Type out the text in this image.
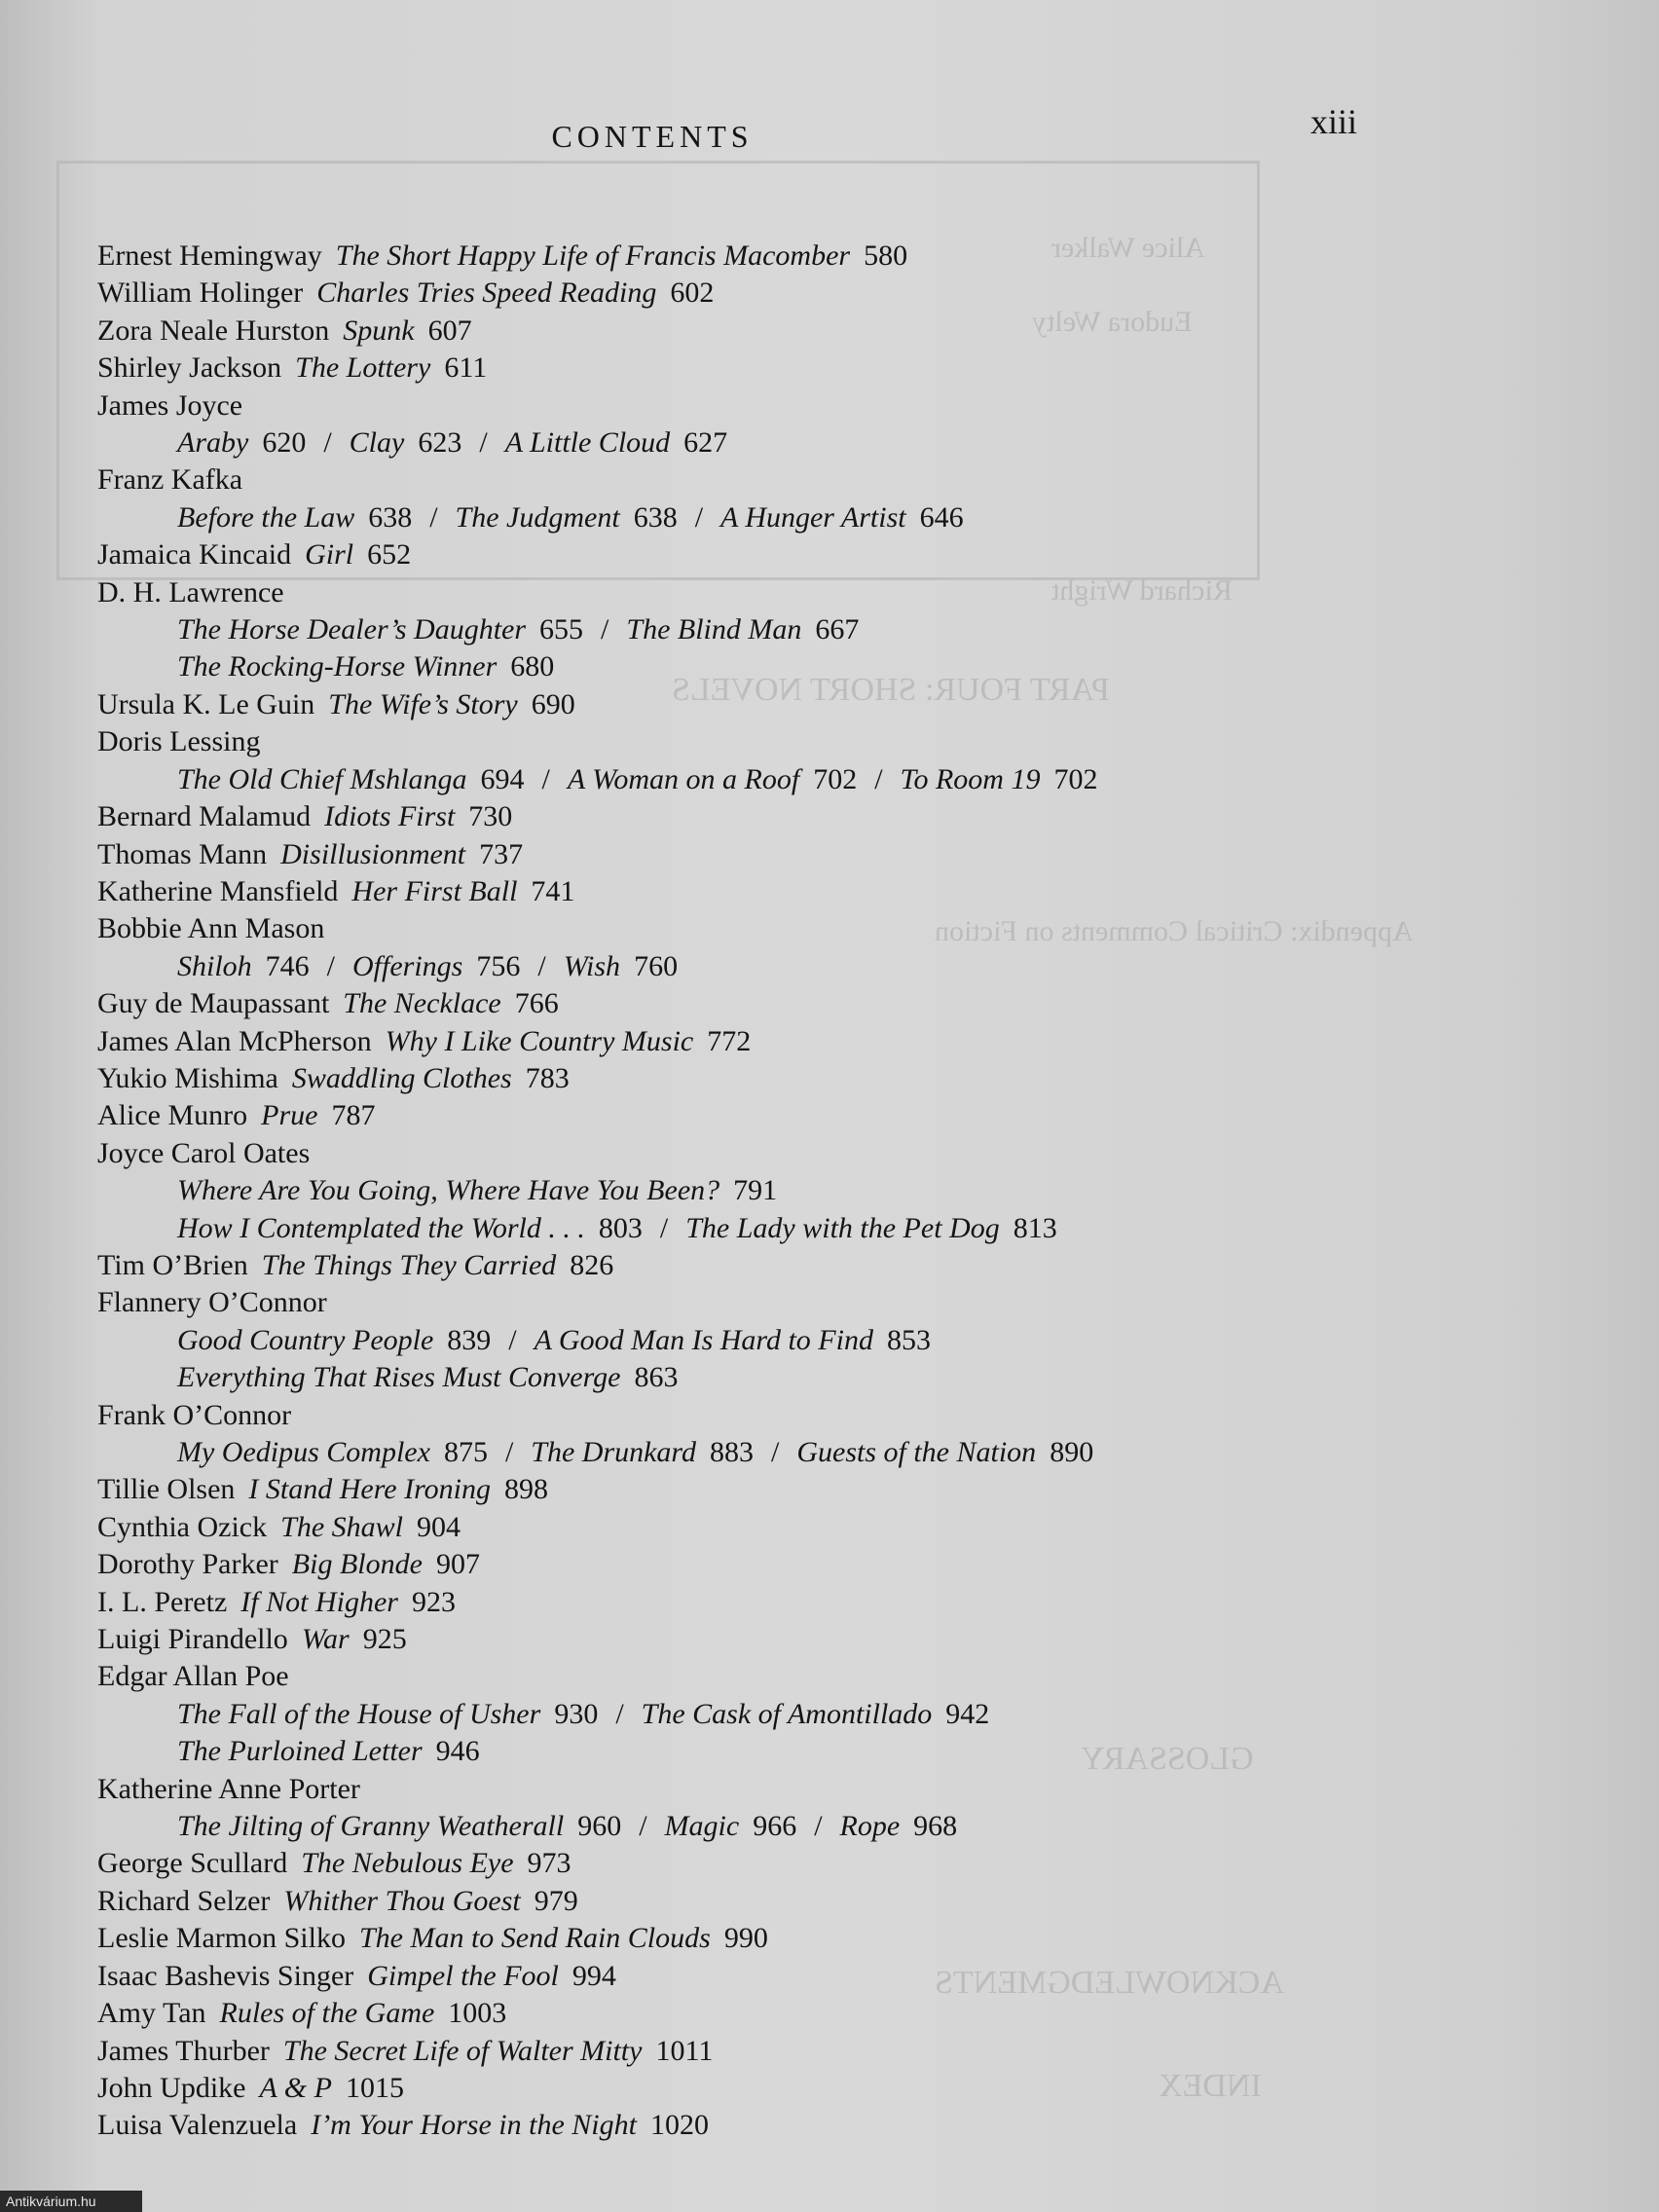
Alice Walker
Eudora Welty
Richard Wright
PART FOUR: SHORT NOVELS
Appendix: Critical Comments on Fiction
GLOSSARY
ACKNOWLEDGMENTS
INDEX
CONTENTS	xiii
Ernest Hemingway The Short Happy Life of Francis Macomber 580
William Holinger Charles Tries Speed Reading 602
Zora Neale Hurston Spunk 607
Shirley Jackson The Lottery 611
James Joyce
Araby 620 / Clay 623 / A Little Cloud 627
Franz Kafka
Before the Law 638 / The Judgment 638 / A Hunger Artist 646
Jamaica Kincaid Girl 652
D. H. Lawrence
The Horse Dealer’s Daughter 655 / The Blind Man 667
The Rocking-Horse Winner 680
Ursula K. Le Guin The Wife’s Story 690
Doris Lessing
The Old Chief Mshlanga 694 / A Woman on a Roof 702 / To Room 19 702
Bernard Malamud Idiots First 730
Thomas Mann Disillusionment 737
Katherine Mansfield Her First Ball 741
Bobbie Ann Mason
Shiloh 746 / Offerings 756 / Wish 760
Guy de Maupassant The Necklace 766
James Alan McPherson Why I Like Country Music 772
Yukio Mishima Swaddling Clothes 783
Alice Munro Prue 787
Joyce Carol Oates
Where Are You Going, Where Have You Been? 791
How I Contemplated the World . . . 803 / The Lady with the Pet Dog 813
Tim O’Brien The Things They Carried 826
Flannery O’Connor
Good Country People 839 / A Good Man Is Hard to Find 853
Everything That Rises Must Converge 863
Frank O’Connor
My Oedipus Complex 875 / The Drunkard 883 / Guests of the Nation 890
Tillie Olsen I Stand Here Ironing 898
Cynthia Ozick The Shawl 904
Dorothy Parker Big Blonde 907
I. L. Peretz If Not Higher 923
Luigi Pirandello War 925
Edgar Allan Poe
The Fall of the House of Usher 930 / The Cask of Amontillado 942
The Purloined Letter 946
Katherine Anne Porter
The Jilting of Granny Weatherall 960 / Magic 966 / Rope 968
George Scullard The Nebulous Eye 973
Richard Selzer Whither Thou Goest 979
Leslie Marmon Silko The Man to Send Rain Clouds 990
Isaac Bashevis Singer Gimpel the Fool 994
Amy Tan Rules of the Game 1003
James Thurber The Secret Life of Walter Mitty 1011
John Updike A & P 1015
Luisa Valenzuela I’m Your Horse in the Night 1020
Antikvárium.hu
